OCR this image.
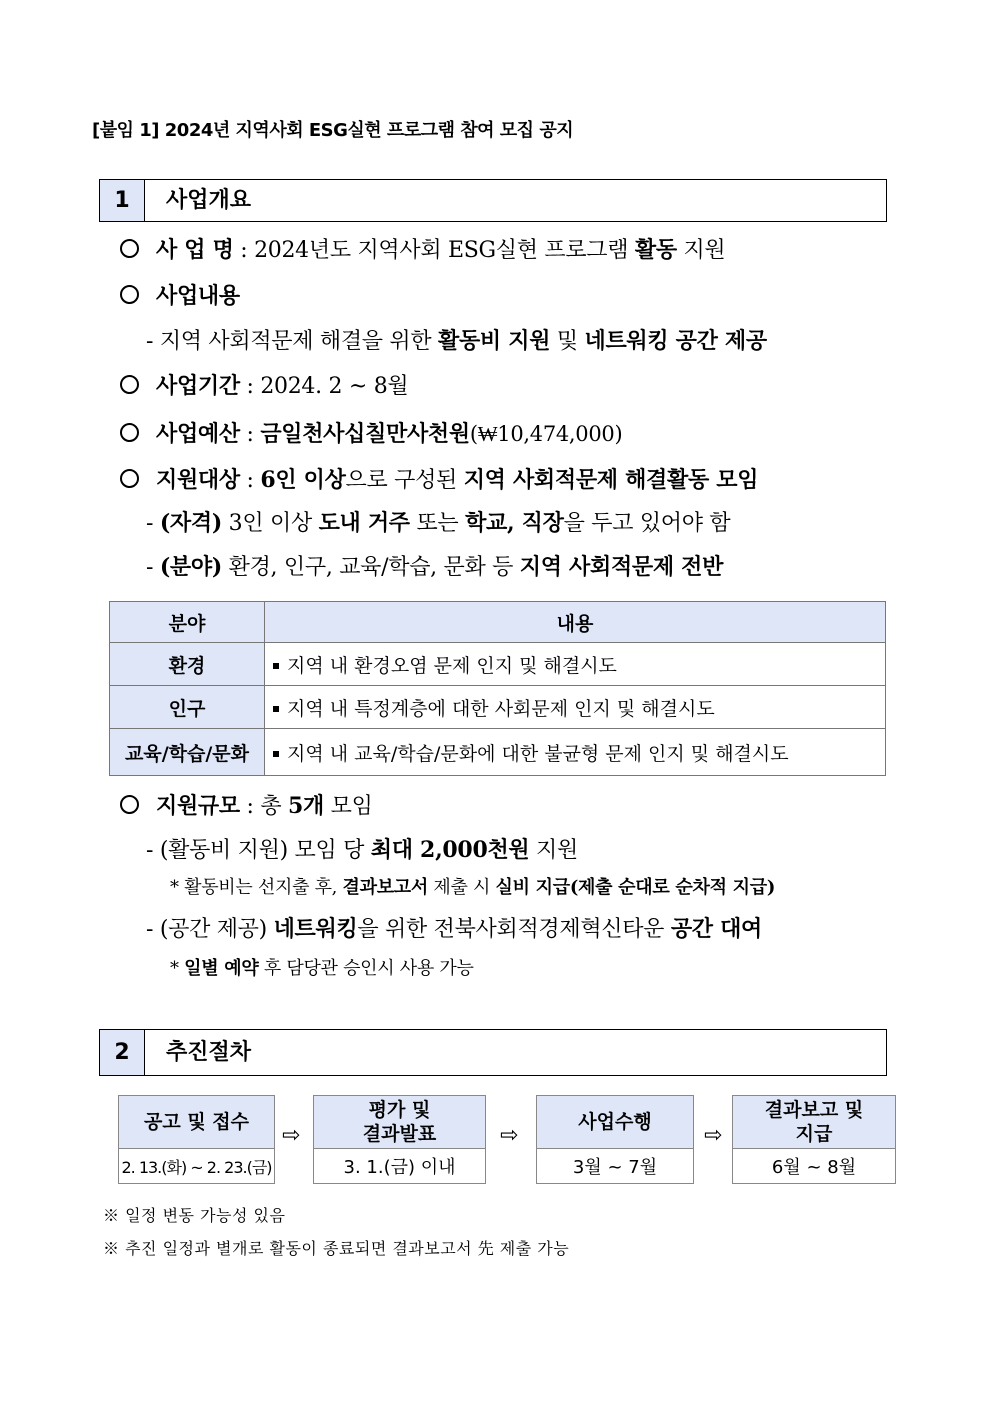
[붙임 1] 2024년 지역사회 ESG실현 프로그램 참여 모집 공지
1	사업개요
사 업 명 : 2024년도 지역사회 ESG실현 프로그램 활동 지원
사업내용
- 지역 사회적문제 해결을 위한 활동비 지원 및 네트워킹 공간 제공
사업기간 : 2024. 2 ~ 8월
사업예산 : 금일천사십칠만사천원(₩10,474,000)
지원대상 : 6인 이상으로 구성된 지역 사회적문제 해결활동 모임
- (자격) 3인 이상 도내 거주 또는 학교, 직장을 두고 있어야 함
- (분야) 환경, 인구, 교육/학습, 문화 등 지역 사회적문제 전반
분야	내용
환경	지역 내 환경오염 문제 인지 및 해결시도
인구	지역 내 특정계층에 대한 사회문제 인지 및 해결시도
교육/학습/문화	지역 내 교육/학습/문화에 대한 불균형 문제 인지 및 해결시도
지원규모 : 총 5개 모임
- (활동비 지원) 모임 당 최대 2,000천원 지원
* 활동비는 선지출 후, 결과보고서 제출 시 실비 지급(제출 순대로 순차적 지급)
- (공간 제공) 네트워킹을 위한 전북사회적경제혁신타운 공간 대여
* 일별 예약 후 담당관 승인시 사용 가능
2	추진절차
공고 및 접수
2. 13.(화) ~ 2. 23.(금)
⇨
평가 및
결과발표
3. 1.(금) 이내
⇨
사업수행
3월 ~ 7월
⇨
결과보고 및
지급
6월 ~ 8월
※ 일정 변동 가능성 있음
※ 추진 일정과 별개로 활동이 종료되면 결과보고서 先 제출 가능
